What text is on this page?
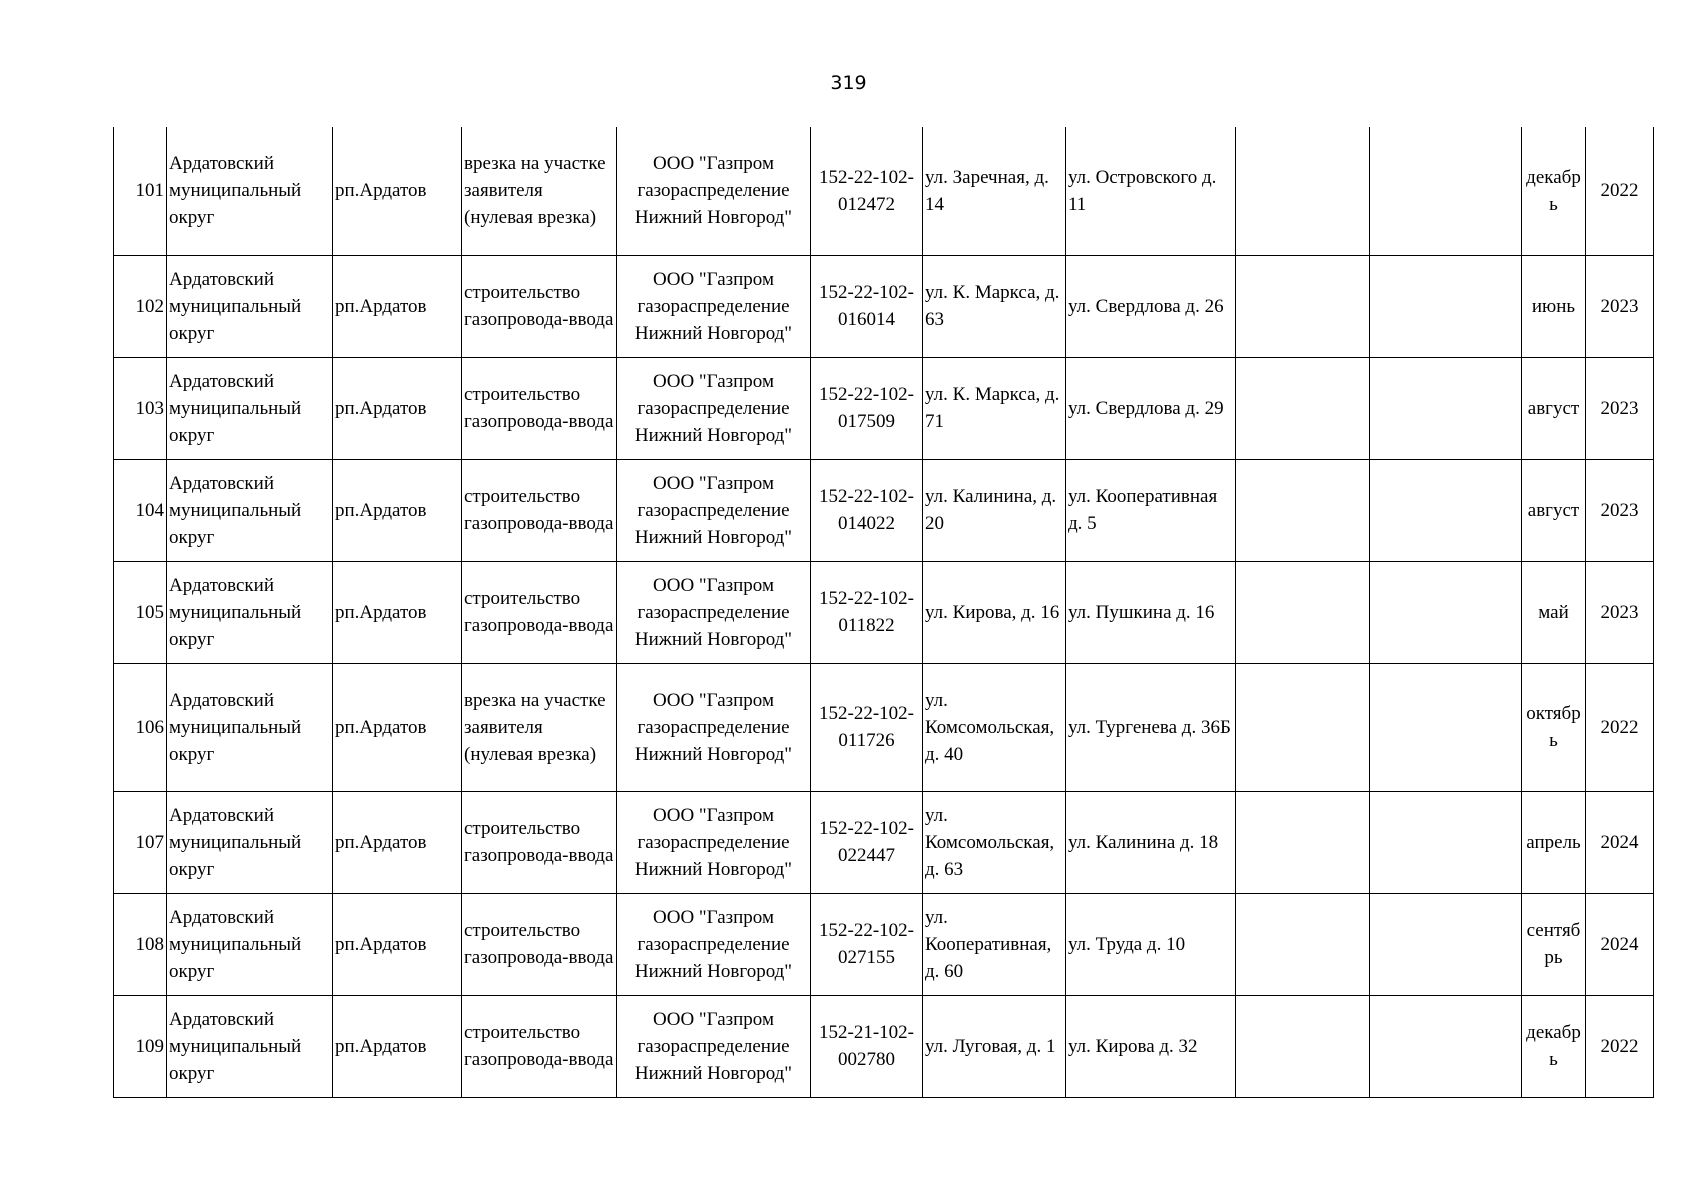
319
101	Ардатовский муниципальный округ	рп.Ардатов	врезка на участке заявителя (нулевая врезка)	ООО "Газпром газораспределение Нижний Новгород"	152-22-102-012472	ул. Заречная, д. 14	ул. Островского д. 11			декабрь	2022
102	Ардатовский муниципальный округ	рп.Ардатов	строительство газопровода-ввода	ООО "Газпром газораспределение Нижний Новгород"	152-22-102-016014	ул. К. Маркса, д. 63	ул. Свердлова д. 26			июнь	2023
103	Ардатовский муниципальный округ	рп.Ардатов	строительство газопровода-ввода	ООО "Газпром газораспределение Нижний Новгород"	152-22-102-017509	ул. К. Маркса, д. 71	ул. Свердлова д. 29			август	2023
104	Ардатовский муниципальный округ	рп.Ардатов	строительство газопровода-ввода	ООО "Газпром газораспределение Нижний Новгород"	152-22-102-014022	ул. Калинина, д. 20	ул. Кооперативная д. 5			август	2023
105	Ардатовский муниципальный округ	рп.Ардатов	строительство газопровода-ввода	ООО "Газпром газораспределение Нижний Новгород"	152-22-102-011822	ул. Кирова, д. 16	ул. Пушкина д. 16			май	2023
106	Ардатовский муниципальный округ	рп.Ардатов	врезка на участке заявителя (нулевая врезка)	ООО "Газпром газораспределение Нижний Новгород"	152-22-102-011726	ул. Комсомольская, д. 40	ул. Тургенева д. 36Б			октябрь	2022
107	Ардатовский муниципальный округ	рп.Ардатов	строительство газопровода-ввода	ООО "Газпром газораспределение Нижний Новгород"	152-22-102-022447	ул. Комсомольская, д. 63	ул. Калинина д. 18			апрель	2024
108	Ардатовский муниципальный округ	рп.Ардатов	строительство газопровода-ввода	ООО "Газпром газораспределение Нижний Новгород"	152-22-102-027155	ул. Кооперативная, д. 60	ул. Труда д. 10			сентябрь	2024
109	Ардатовский муниципальный округ	рп.Ардатов	строительство газопровода-ввода	ООО "Газпром газораспределение Нижний Новгород"	152-21-102-002780	ул. Луговая, д. 1	ул. Кирова д. 32			декабрь	2022
